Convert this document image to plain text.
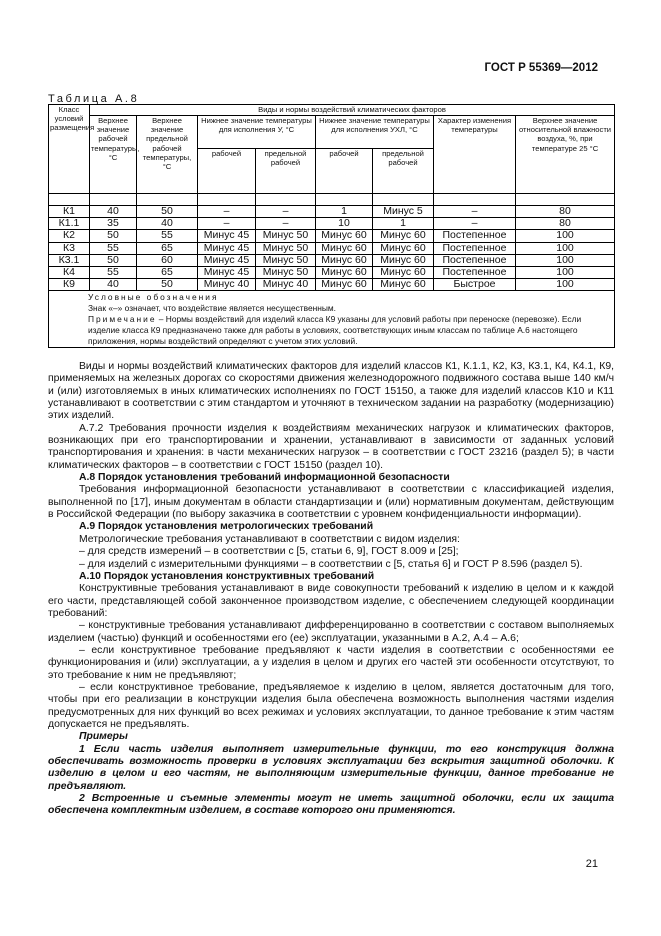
ГОСТ Р 55369—2012
Таблица А.8
Класс условий размещения	Виды и нормы воздействий климатических факторов							
	Верхнее значение рабочей температуры, °С	Верхнее значение предельной рабочей температуры, °С	Нижнее значение температуры для исполнения У, °С		Нижнее значение температуры для исполнения УХЛ, °С		Характер изменения температуры	Верхнее значение относительной влажности воздуха, %, при температуре 25 °С
			рабочей	предельной рабочей	рабочей	предельной рабочей		

К1	40	50	–	–	1	Минус 5	–	80
К1.1	35	40	–	–	10	1	–	80
К2	50	55	Минус 45	Минус 50	Минус 60	Минус 60	Постепенное	100
К3	55	65	Минус 45	Минус 50	Минус 60	Минус 60	Постепенное	100
К3.1	50	60	Минус 45	Минус 50	Минус 60	Минус 60	Постепенное	100
К4	55	65	Минус 45	Минус 50	Минус 60	Минус 60	Постепенное	100
К9	40	50	Минус 40	Минус 40	Минус 60	Минус 60	Быстрое	100

Условные обозначения
Знак «–» означает, что воздействие является несущественным.
Примечание – Нормы воздействий для изделий класса К9 указаны для условий работы при переноске (перевозке). Если изделие класса К9 предназначено также для работы в условиях, соответствующих иным классам по таблице А.6 настоящего приложения, нормы воздействий определяют с учетом этих условий.								

Виды и нормы воздействий климатических факторов для изделий классов К1, К.1.1, К2, К3, К3.1, К4, К4.1, К9, применяемых на железных дорогах со скоростями движения железнодорожного подвижного состава выше 140 км/ч и (или) изготовляемых в иных климатических исполнениях по ГОСТ 15150, а также для изделий классов К10 и К11 устанавливают в соответствии с этим стандартом и уточняют в техническом задании на разработку (модернизацию) этих изделий.

А.7.2 Требования прочности изделия к воздействиям механических нагрузок и климатических факторов, возникающих при его транспортировании и хранении, устанавливают в зависимости от заданных условий транспортирования и хранения: в части механических нагрузок – в соответствии с ГОСТ 23216 (раздел 5); в части климатических факторов – в соответствии с ГОСТ 15150 (раздел 10).

А.8 Порядок установления требований информационной безопасности

Требования информационной безопасности устанавливают в соответствии с классификацией изделия, выполненной по [17], иным документам в области стандартизации и (или) нормативным документам, действующим в Российской Федерации (по выбору заказчика в соответствии с уровнем конфиденциальности информации).

А.9 Порядок установления метрологических требований

Метрологические требования устанавливают в соответствии с видом изделия:

– для средств измерений – в соответствии с [5, статьи 6, 9], ГОСТ 8.009 и [25];

– для изделий с измерительными функциями – в соответствии с [5, статья 6] и ГОСТ Р 8.596 (раздел 5).

А.10 Порядок установления конструктивных требований

Конструктивные требования устанавливают в виде совокупности требований к изделию в целом и к каждой его части, представляющей собой законченное производством изделие, с обеспечением следующей координации требований:

– конструктивные требования устанавливают дифференцированно в соответствии с составом выполняемых изделием (частью) функций и особенностями его (ее) эксплуатации, указанными в А.2, А.4 – А.6;

– если конструктивное требование предъявляют к части изделия в соответствии с особенностями ее функционирования и (или) эксплуатации, а у изделия в целом и других его частей эти особенности отсутствуют, то это требование к ним не предъявляют;

– если конструктивное требование, предъявляемое к изделию в целом, является достаточным для того, чтобы при его реализации в конструкции изделия была обеспечена возможность выполнения частями изделия предусмотренных для них функций во всех режимах и условиях эксплуатации, то данное требование к этим частям допускается не предъявлять.

Примеры

1 Если часть изделия выполняет измерительные функции, то его конструкция должна обеспечивать возможность проверки в условиях эксплуатации без вскрытия защитной оболочки. К изделию в целом и его частям, не выполняющим измерительные функции, данное требование не предъявляют.

2 Встроенные и съемные элементы могут не иметь защитной оболочки, если их защита обеспечена комплектным изделием, в составе которого они применяются.

21
